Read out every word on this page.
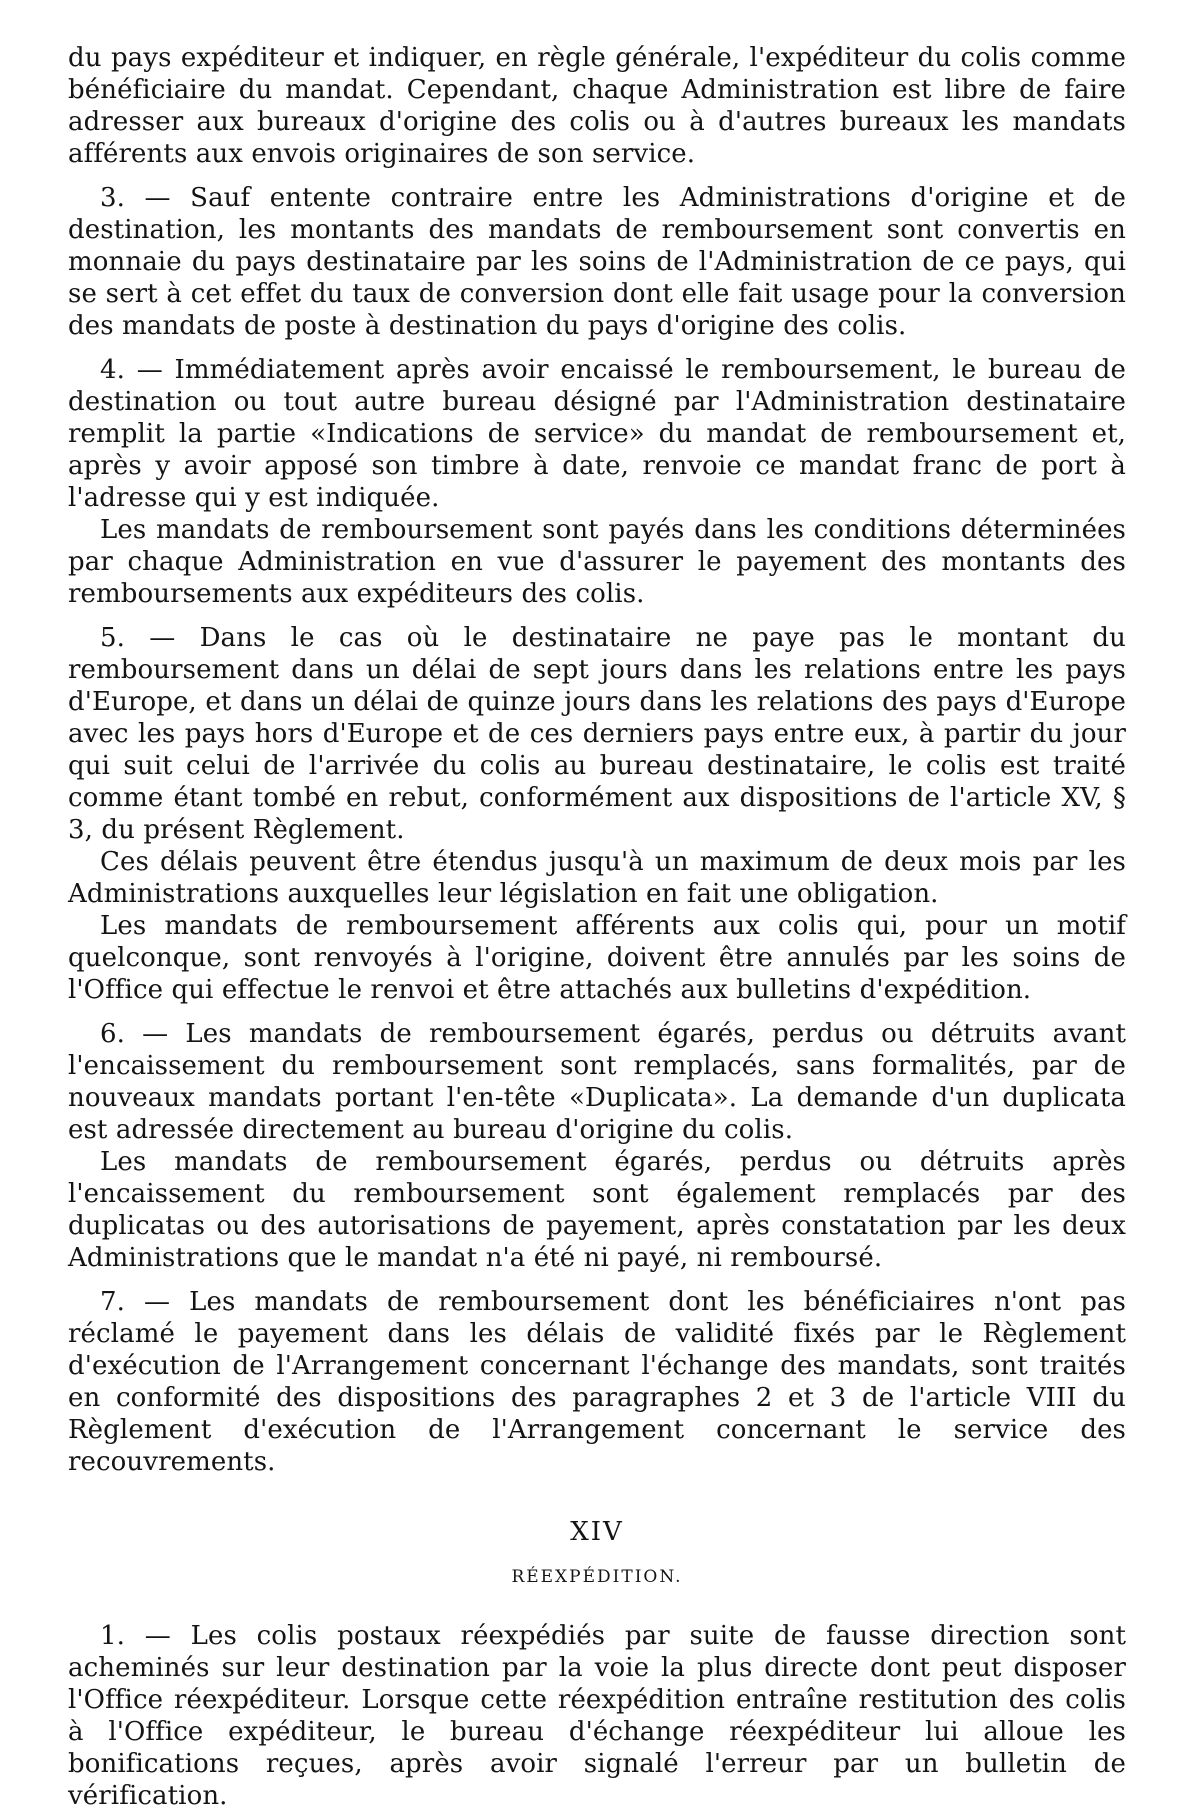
du pays expéditeur et indiquer, en règle générale, l'expéditeur du colis comme bénéficiaire du mandat. Cependant, chaque Administration est libre de faire adresser aux bureaux d'origine des colis ou à d'autres bureaux les mandats afférents aux envois originaires de son service.

3. — Sauf entente contraire entre les Administrations d'origine et de destination, les montants des mandats de remboursement sont convertis en monnaie du pays destinataire par les soins de l'Administration de ce pays, qui se sert à cet effet du taux de conversion dont elle fait usage pour la conversion des mandats de poste à destination du pays d'origine des colis.

4. — Immédiatement après avoir encaissé le remboursement, le bureau de destination ou tout autre bureau désigné par l'Administration destinataire remplit la partie «Indications de service» du mandat de remboursement et, après y avoir apposé son timbre à date, renvoie ce mandat franc de port à l'adresse qui y est indiquée.

Les mandats de remboursement sont payés dans les conditions déterminées par chaque Administration en vue d'assurer le payement des montants des remboursements aux expéditeurs des colis.

5. — Dans le cas où le destinataire ne paye pas le montant du remboursement dans un délai de sept jours dans les relations entre les pays d'Europe, et dans un délai de quinze jours dans les relations des pays d'Europe avec les pays hors d'Europe et de ces derniers pays entre eux, à partir du jour qui suit celui de l'arrivée du colis au bureau destinataire, le colis est traité comme étant tombé en rebut, conformément aux dispositions de l'article XV, § 3, du présent Règlement.

Ces délais peuvent être étendus jusqu'à un maximum de deux mois par les Administrations auxquelles leur législation en fait une obligation.

Les mandats de remboursement afférents aux colis qui, pour un motif quelconque, sont renvoyés à l'origine, doivent être annulés par les soins de l'Office qui effectue le renvoi et être attachés aux bulletins d'expédition.

6. — Les mandats de remboursement égarés, perdus ou détruits avant l'encaissement du remboursement sont remplacés, sans formalités, par de nouveaux mandats portant l'en-tête «Duplicata». La demande d'un duplicata est adressée directement au bureau d'origine du colis.

Les mandats de remboursement égarés, perdus ou détruits après l'encaissement du remboursement sont également remplacés par des duplicatas ou des autorisations de payement, après constatation par les deux Administrations que le mandat n'a été ni payé, ni remboursé.

7. — Les mandats de remboursement dont les bénéficiaires n'ont pas réclamé le payement dans les délais de validité fixés par le Règlement d'exécution de l'Arrangement concernant l'échange des mandats, sont traités en conformité des dispositions des paragraphes 2 et 3 de l'article VIII du Règlement d'exécution de l'Arrangement concernant le service des recouvrements.

XIV
RÉEXPÉDITION.

1. — Les colis postaux réexpédiés par suite de fausse direction sont acheminés sur leur destination par la voie la plus directe dont peut disposer l'Office réexpéditeur. Lorsque cette réexpédition entraîne restitution des colis à l'Office expéditeur, le bureau d'échange réexpéditeur lui alloue les bonifications reçues, après avoir signalé l'erreur par un bulletin de vérification.
